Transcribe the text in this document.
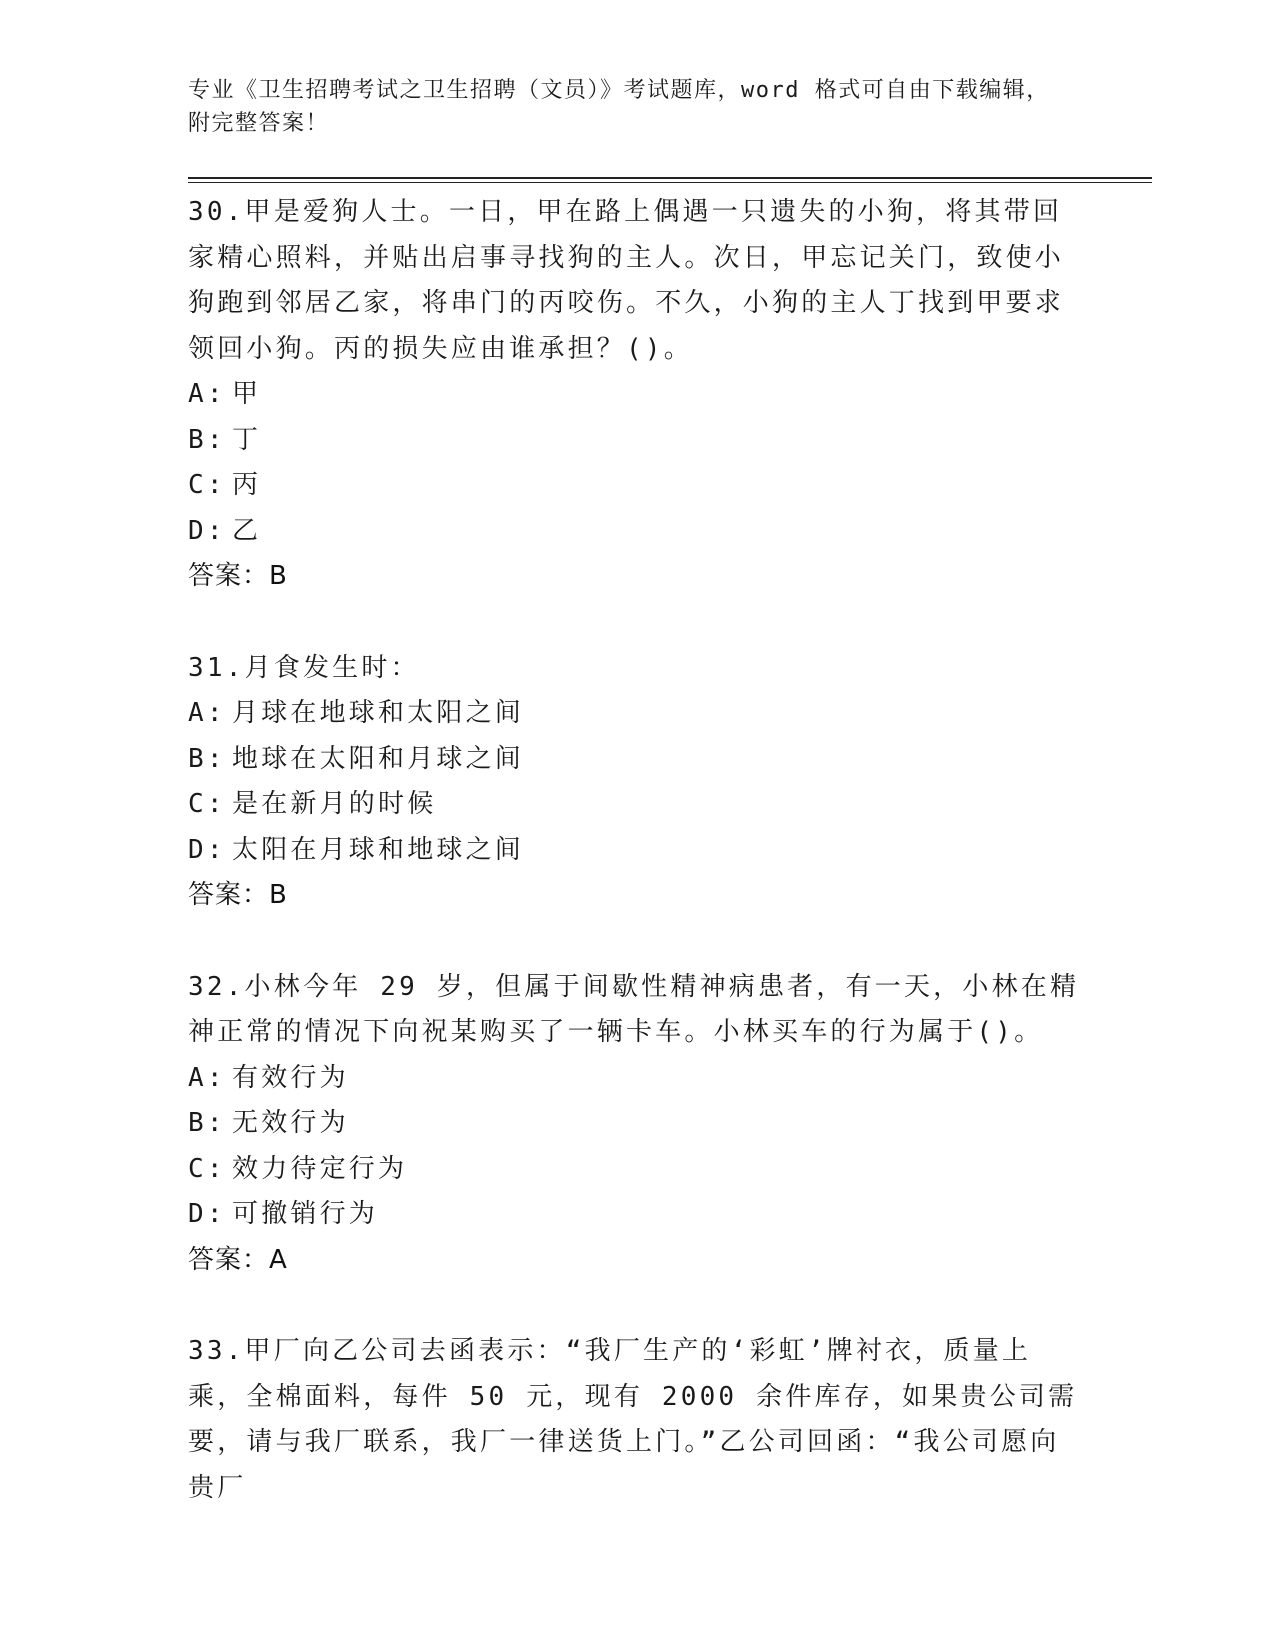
专业《卫生招聘考试之卫生招聘（文员）》考试题库，word 格式可自由下载编辑，附完整答案！
30.甲是爱狗人士。一日，甲在路上偶遇一只遗失的小狗，将其带回家精心照料，并贴出启事寻找狗的主人。次日，甲忘记关门，致使小狗跑到邻居乙家，将串门的丙咬伤。不久，小狗的主人丁找到甲要求领回小狗。丙的损失应由谁承担？()。
A: 甲
B: 丁
C: 丙
D: 乙
答案：B
31.月食发生时：
A: 月球在地球和太阳之间
B: 地球在太阳和月球之间
C: 是在新月的时候
D: 太阳在月球和地球之间
答案：B
32.小林今年 29 岁，但属于间歇性精神病患者，有一天，小林在精神正常的情况下向祝某购买了一辆卡车。小林买车的行为属于()。
A: 有效行为
B: 无效行为
C: 效力待定行为
D: 可撤销行为
答案：A
33.甲厂向乙公司去函表示：“我厂生产的‘彩虹’牌衬衣，质量上乘，全棉面料，每件 50 元，现有 2000 余件库存，如果贵公司需要，请与我厂联系，我厂一律送货上门。”乙公司回函：“我公司愿向贵厂
